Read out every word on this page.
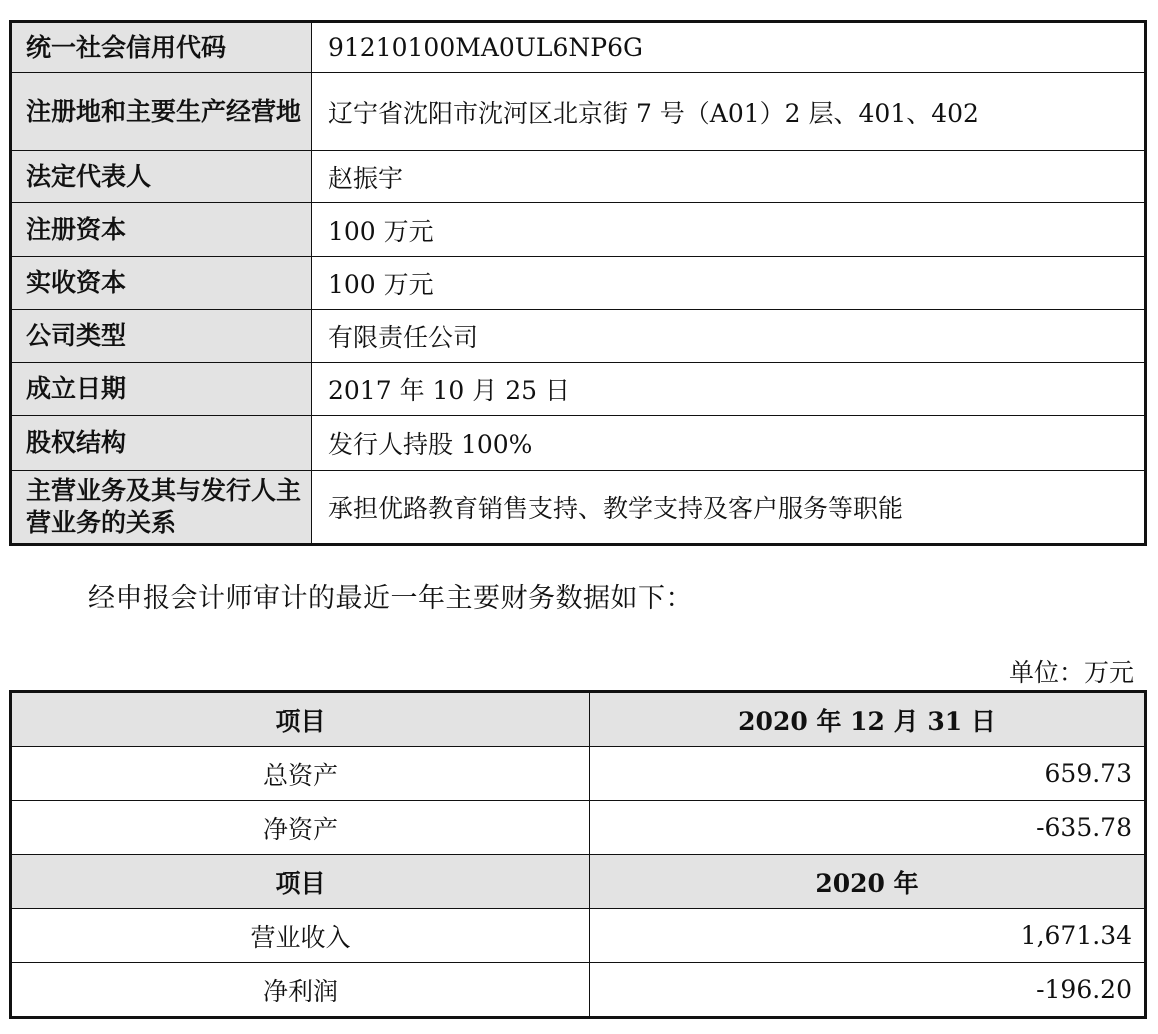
统一社会信用代码	91210100MA0UL6NP6G
注册地和主要生产经营地	辽宁省沈阳市沈河区北京街 7 号（A01）2 层、401、402
法定代表人	赵振宇
注册资本	100 万元
实收资本	100 万元
公司类型	有限责任公司
成立日期	2017 年 10 月 25 日
股权结构	发行人持股 100%
主营业务及其与发行人主营业务的关系	承担优路教育销售支持、教学支持及客户服务等职能

经申报会计师审计的最近一年主要财务数据如下：

单位：万元

项目	2020 年 12 月 31 日
总资产	659.73
净资产	-635.78
项目	2020 年
营业收入	1,671.34
净利润	-196.20
